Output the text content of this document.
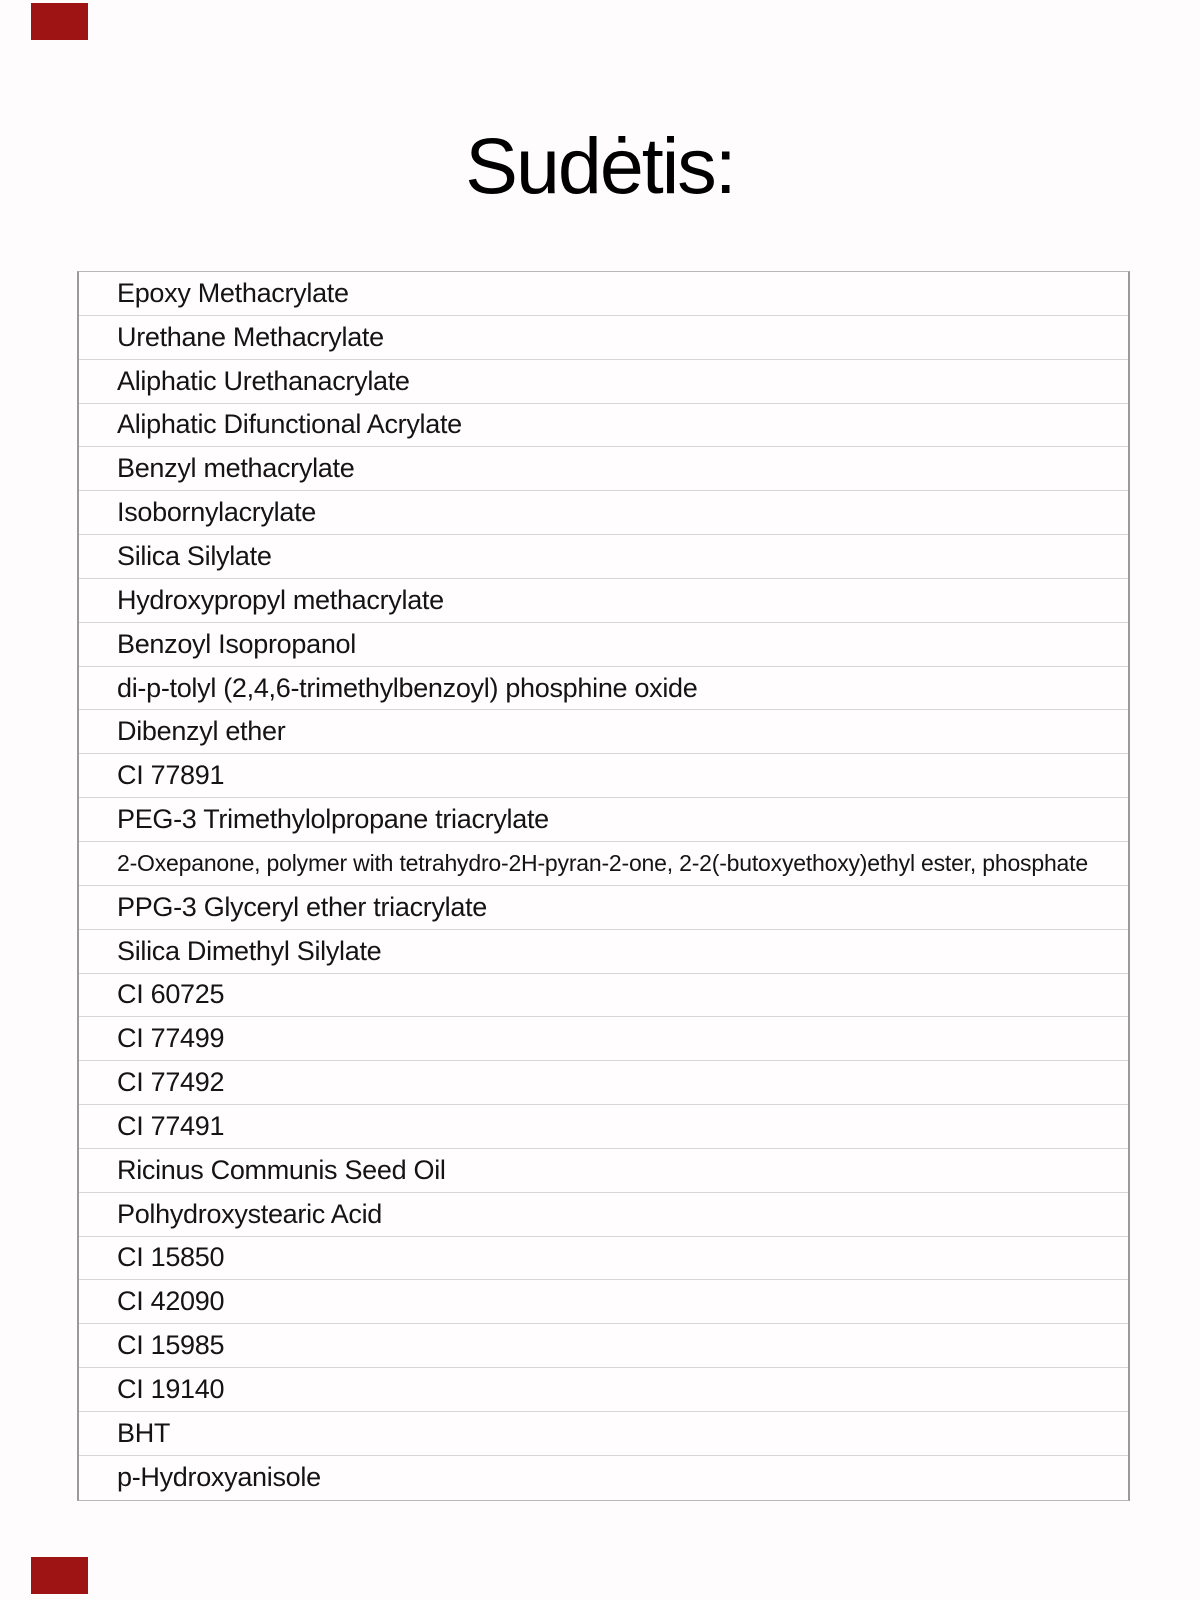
Sudėtis:
Epoxy Methacrylate
Urethane Methacrylate
Aliphatic Urethanacrylate
Aliphatic Difunctional Acrylate
Benzyl methacrylate
Isobornylacrylate
Silica Silylate
Hydroxypropyl methacrylate
Benzoyl Isopropanol
di-p-tolyl (2,4,6-trimethylbenzoyl) phosphine oxide
Dibenzyl ether
CI 77891
PEG-3 Trimethylolpropane triacrylate
2-Oxepanone, polymer with tetrahydro-2H-pyran-2-one, 2-2(-butoxyethoxy)ethyl ester, phosphate
PPG-3 Glyceryl ether triacrylate
Silica Dimethyl Silylate
CI 60725
CI 77499
CI 77492
CI 77491
Ricinus Communis Seed Oil
Polhydroxystearic Acid
CI 15850
CI 42090
CI 15985
CI 19140
BHT
p-Hydroxyanisole
